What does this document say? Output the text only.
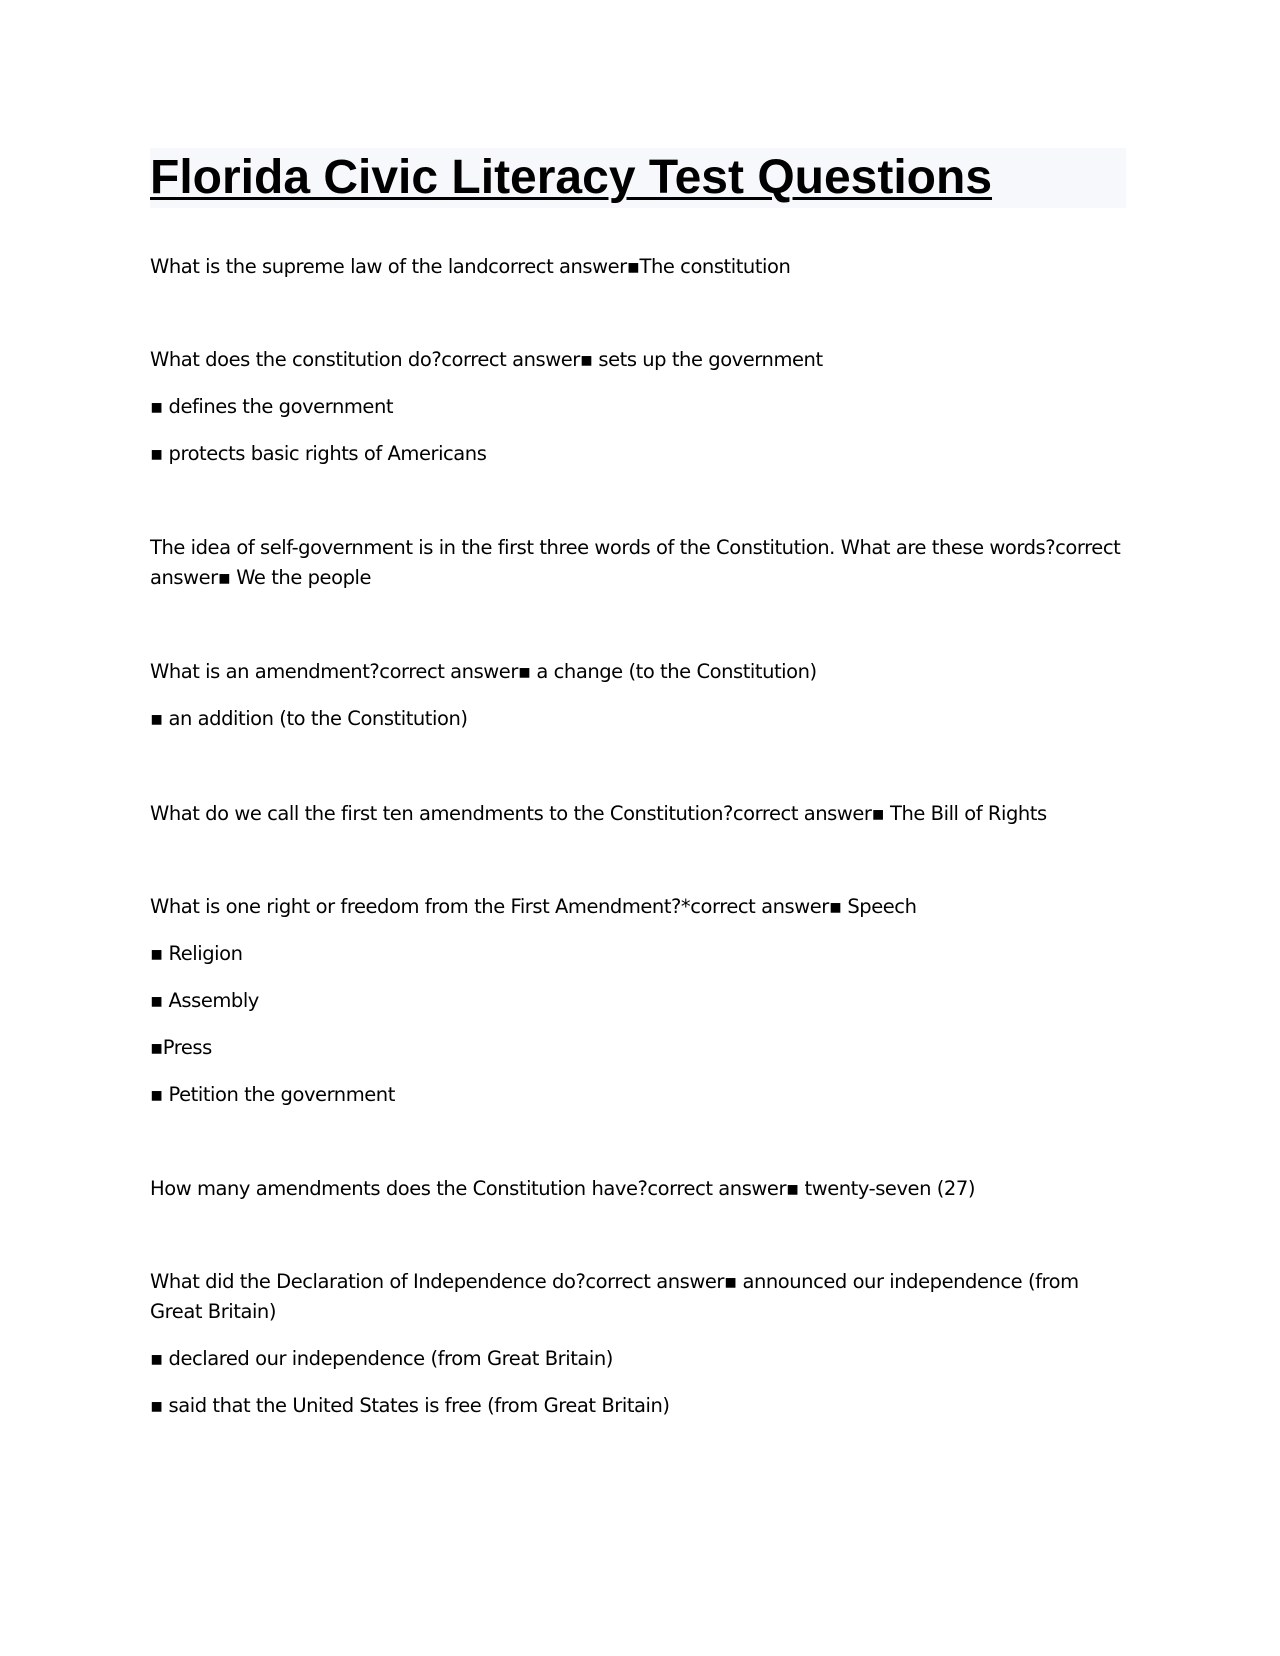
Florida Civic Literacy Test Questions
What is the supreme law of the landcorrect answer▪The constitution
What does the constitution do?correct answer▪ sets up the government
▪ defines the government
▪ protects basic rights of Americans
The idea of self-government is in the first three words of the Constitution. What are these words?correct answer▪ We the people
What is an amendment?correct answer▪ a change (to the Constitution)
▪ an addition (to the Constitution)
What do we call the first ten amendments to the Constitution?correct answer▪ The Bill of Rights
What is one right or freedom from the First Amendment?*correct answer▪ Speech
▪ Religion
▪ Assembly
▪Press
▪ Petition the government
How many amendments does the Constitution have?correct answer▪ twenty-seven (27)
What did the Declaration of Independence do?correct answer▪ announced our independence (from Great Britain)
▪ declared our independence (from Great Britain)
▪ said that the United States is free (from Great Britain)
